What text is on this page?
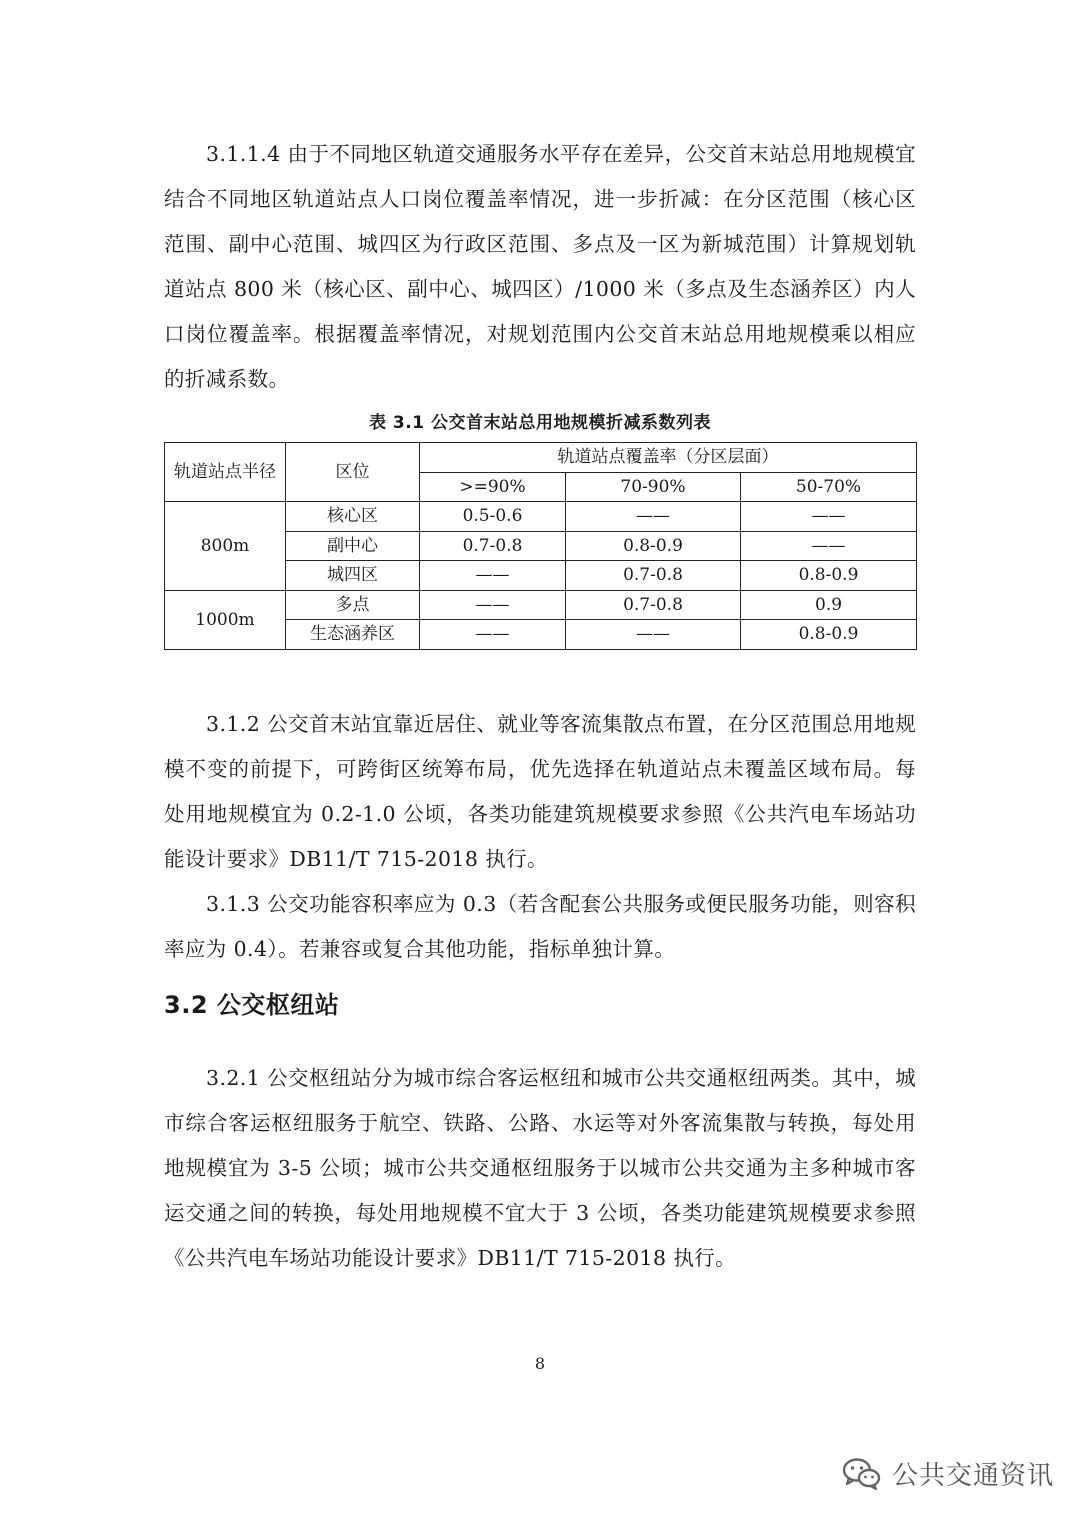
3.1.1.4 由于不同地区轨道交通服务水平存在差异，公交首末站总用地规模宜结合不同地区轨道站点人口岗位覆盖率情况，进一步折减：在分区范围（核心区范围、副中心范围、城四区为行政区范围、多点及一区为新城范围）计算规划轨道站点 800 米（核心区、副中心、城四区）/1000 米（多点及生态涵养区）内人口岗位覆盖率。根据覆盖率情况，对规划范围内公交首末站总用地规模乘以相应的折减系数。

表 3.1 公交首末站总用地规模折减系数列表
轨道站点半径	区位	轨道站点覆盖率（分区层面）		
		>=90%	70-90%	50-70%
800m	核心区	0.5-0.6	——	——
	副中心	0.7-0.8	0.8-0.9	——
	城四区	——	0.7-0.8	0.8-0.9
1000m	多点	——	0.7-0.8	0.9
	生态涵养区	——	——	0.8-0.9

3.1.2 公交首末站宜靠近居住、就业等客流集散点布置，在分区范围总用地规模不变的前提下，可跨街区统筹布局，优先选择在轨道站点未覆盖区域布局。每处用地规模宜为 0.2-1.0 公顷，各类功能建筑规模要求参照《公共汽电车场站功能设计要求》DB11/T 715-2018 执行。

3.1.3 公交功能容积率应为 0.3（若含配套公共服务或便民服务功能，则容积率应为 0.4）。若兼容或复合其他功能，指标单独计算。

3.2 公交枢纽站

3.2.1 公交枢纽站分为城市综合客运枢纽和城市公共交通枢纽两类。其中，城市综合客运枢纽服务于航空、铁路、公路、水运等对外客流集散与转换，每处用地规模宜为 3-5 公顷；城市公共交通枢纽服务于以城市公共交通为主多种城市客运交通之间的转换，每处用地规模不宜大于 3 公顷，各类功能建筑规模要求参照《公共汽电车场站功能设计要求》DB11/T 715-2018 执行。

8
公共交通资讯
